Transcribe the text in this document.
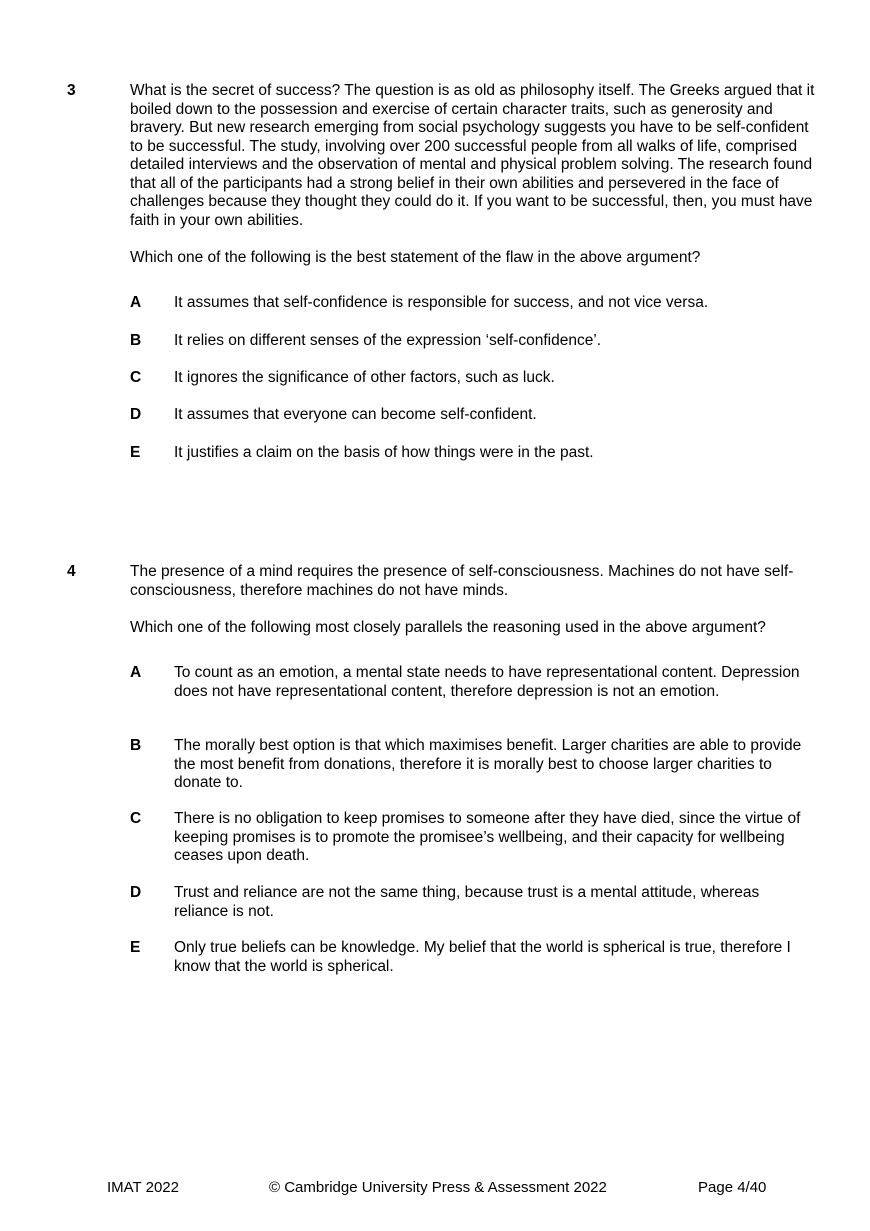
3	What is the secret of success? The question is as old as philosophy itself. The Greeks argued that it boiled down to the possession and exercise of certain character traits, such as generosity and bravery. But new research emerging from social psychology suggests you have to be self-confident to be successful. The study, involving over 200 successful people from all walks of life, comprised detailed interviews and the observation of mental and physical problem solving. The research found that all of the participants had a strong belief in their own abilities and persevered in the face of challenges because they thought they could do it. If you want to be successful, then, you must have faith in your own abilities.

Which one of the following is the best statement of the flaw in the above argument?

A	It assumes that self-confidence is responsible for success, and not vice versa.
B	It relies on different senses of the expression ‘self-confidence’.
C	It ignores the significance of other factors, such as luck.
D	It assumes that everyone can become self-confident.
E	It justifies a claim on the basis of how things were in the past.
4	The presence of a mind requires the presence of self-consciousness. Machines do not have self-consciousness, therefore machines do not have minds.

Which one of the following most closely parallels the reasoning used in the above argument?

A	To count as an emotion, a mental state needs to have representational content. Depression does not have representational content, therefore depression is not an emotion.
B	The morally best option is that which maximises benefit. Larger charities are able to provide the most benefit from donations, therefore it is morally best to choose larger charities to donate to.
C	There is no obligation to keep promises to someone after they have died, since the virtue of keeping promises is to promote the promisee’s wellbeing, and their capacity for wellbeing ceases upon death.
D	Trust and reliance are not the same thing, because trust is a mental attitude, whereas reliance is not.
E	Only true beliefs can be knowledge. My belief that the world is spherical is true, therefore I know that the world is spherical.
IMAT 2022	© Cambridge University Press & Assessment 2022	Page 4/40
